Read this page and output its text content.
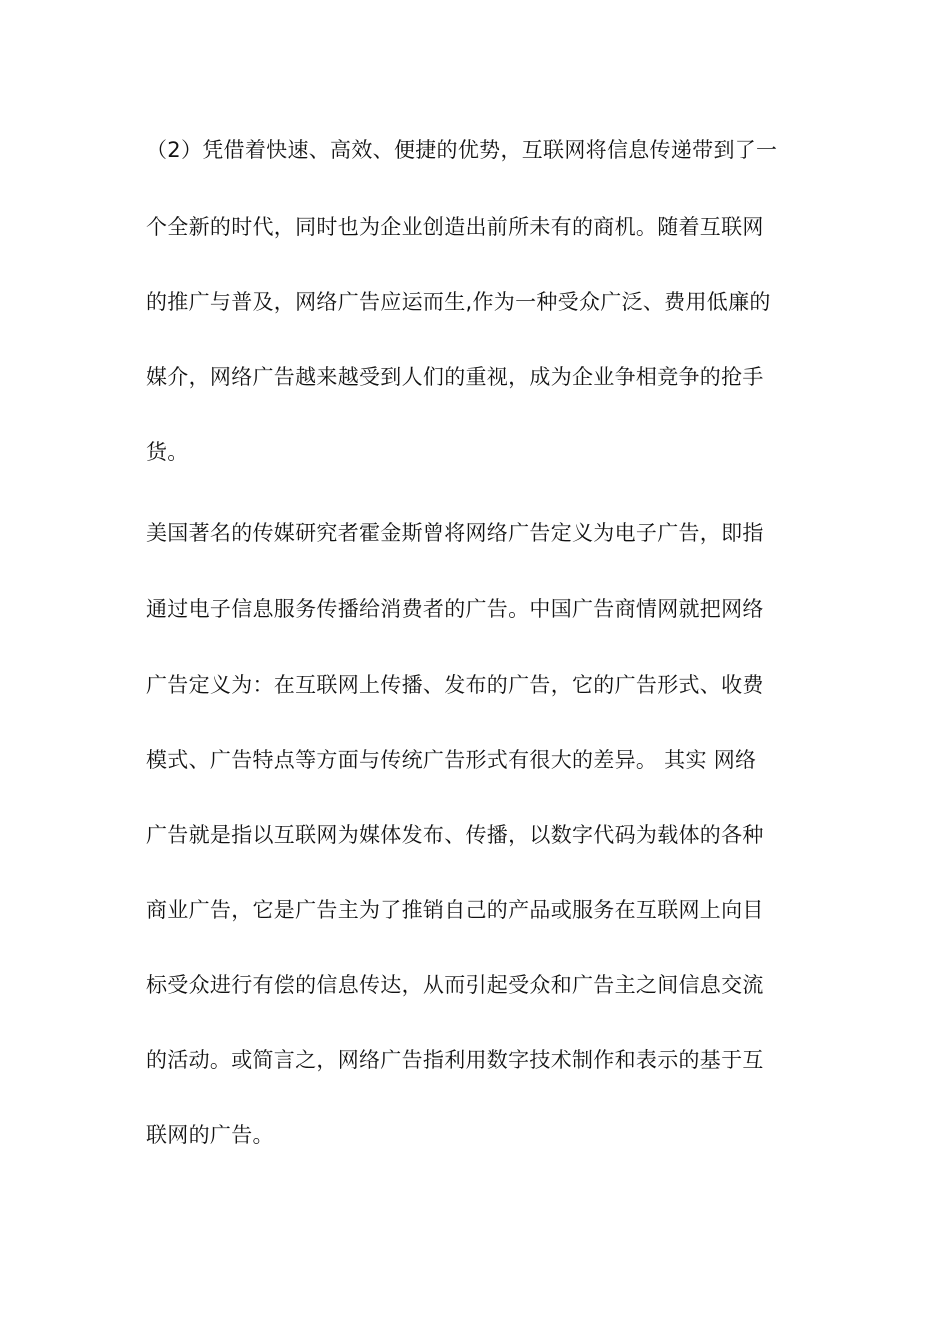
（2）凭借着快速、高效、便捷的优势，互联网将信息传递带到了一
个全新的时代，同时也为企业创造出前所未有的商机。随着互联网
的推广与普及，网络广告应运而生,作为一种受众广泛、费用低廉的
媒介，网络广告越来越受到人们的重视，成为企业争相竞争的抢手
货。
美国著名的传媒研究者霍金斯曾将网络广告定义为电子广告，即指
通过电子信息服务传播给消费者的广告。中国广告商情网就把网络
广告定义为：在互联网上传播、发布的广告，它的广告形式、收费
模式、广告特点等方面与传统广告形式有很大的差异。 其实 网络
广告就是指以互联网为媒体发布、传播，以数字代码为载体的各种
商业广告，它是广告主为了推销自己的产品或服务在互联网上向目
标受众进行有偿的信息传达，从而引起受众和广告主之间信息交流
的活动。或简言之，网络广告指利用数字技术制作和表示的基于互
联网的广告。
